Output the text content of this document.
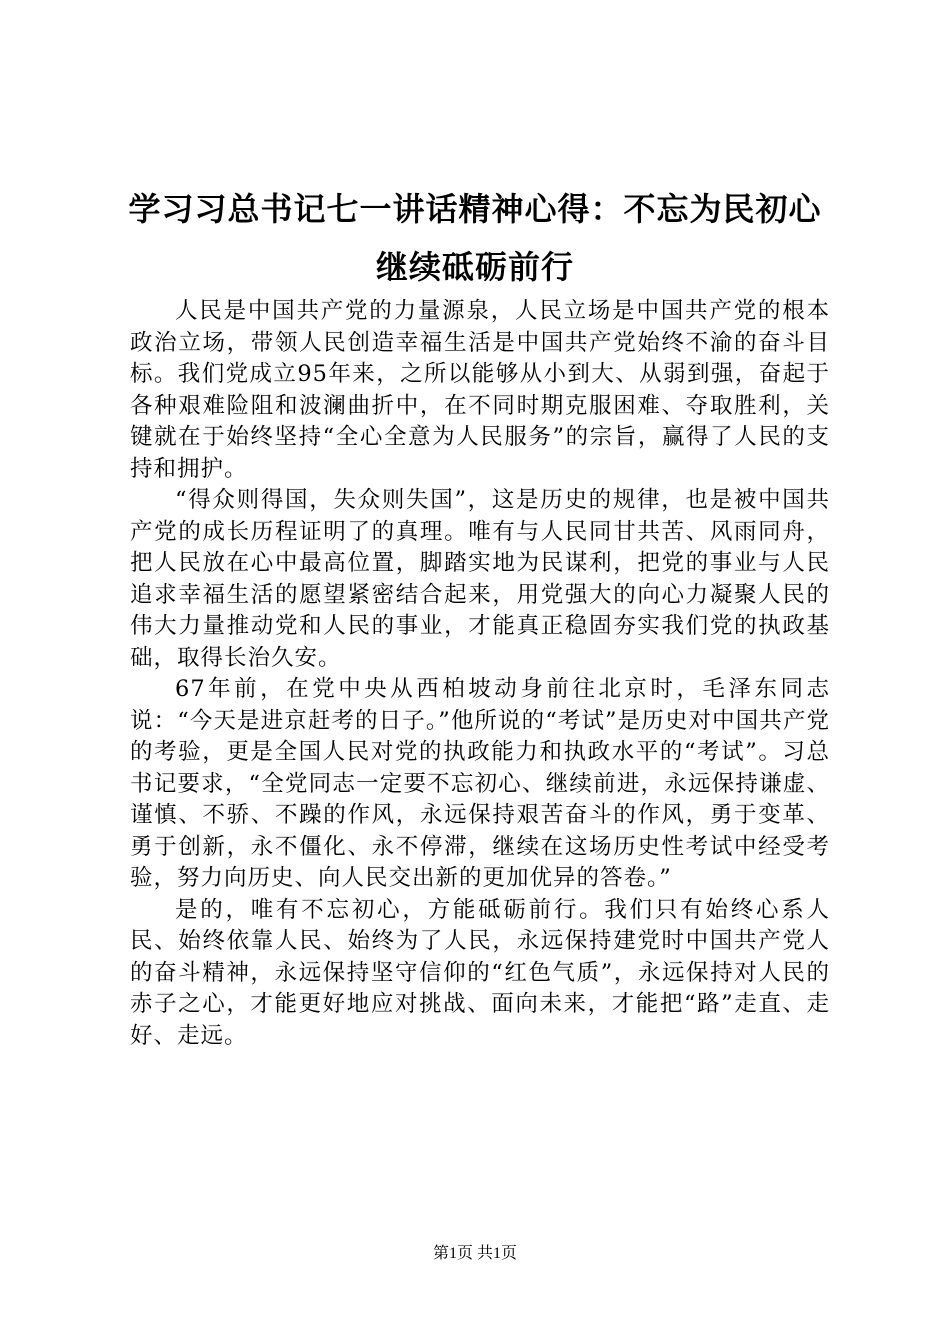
学习习总书记七一讲话精神心得：不忘为民初心继续砥砺前行

人民是中国共产党的力量源泉，人民立场是中国共产党的根本政治立场，带领人民创造幸福生活是中国共产党始终不渝的奋斗目标。我们党成立95年来，之所以能够从小到大、从弱到强，奋起于各种艰难险阻和波澜曲折中，在不同时期克服困难、夺取胜利，关键就在于始终坚持“全心全意为人民服务”的宗旨，赢得了人民的支持和拥护。

“得众则得国，失众则失国”，这是历史的规律，也是被中国共产党的成长历程证明了的真理。唯有与人民同甘共苦、风雨同舟，把人民放在心中最高位置，脚踏实地为民谋利，把党的事业与人民追求幸福生活的愿望紧密结合起来，用党强大的向心力凝聚人民的伟大力量推动党和人民的事业，才能真正稳固夯实我们党的执政基础，取得长治久安。

67年前，在党中央从西柏坡动身前往北京时，毛泽东同志说：“今天是进京赶考的日子。”他所说的“考试”是历史对中国共产党的考验，更是全国人民对党的执政能力和执政水平的“考试”。习总书记要求，“全党同志一定要不忘初心、继续前进，永远保持谦虚、谨慎、不骄、不躁的作风，永远保持艰苦奋斗的作风，勇于变革、勇于创新，永不僵化、永不停滞，继续在这场历史性考试中经受考验，努力向历史、向人民交出新的更加优异的答卷。”

是的，唯有不忘初心，方能砥砺前行。我们只有始终心系人民、始终依靠人民、始终为了人民，永远保持建党时中国共产党人的奋斗精神，永远保持坚守信仰的“红色气质”，永远保持对人民的赤子之心，才能更好地应对挑战、面向未来，才能把“路”走直、走好、走远。

第1页 共1页
